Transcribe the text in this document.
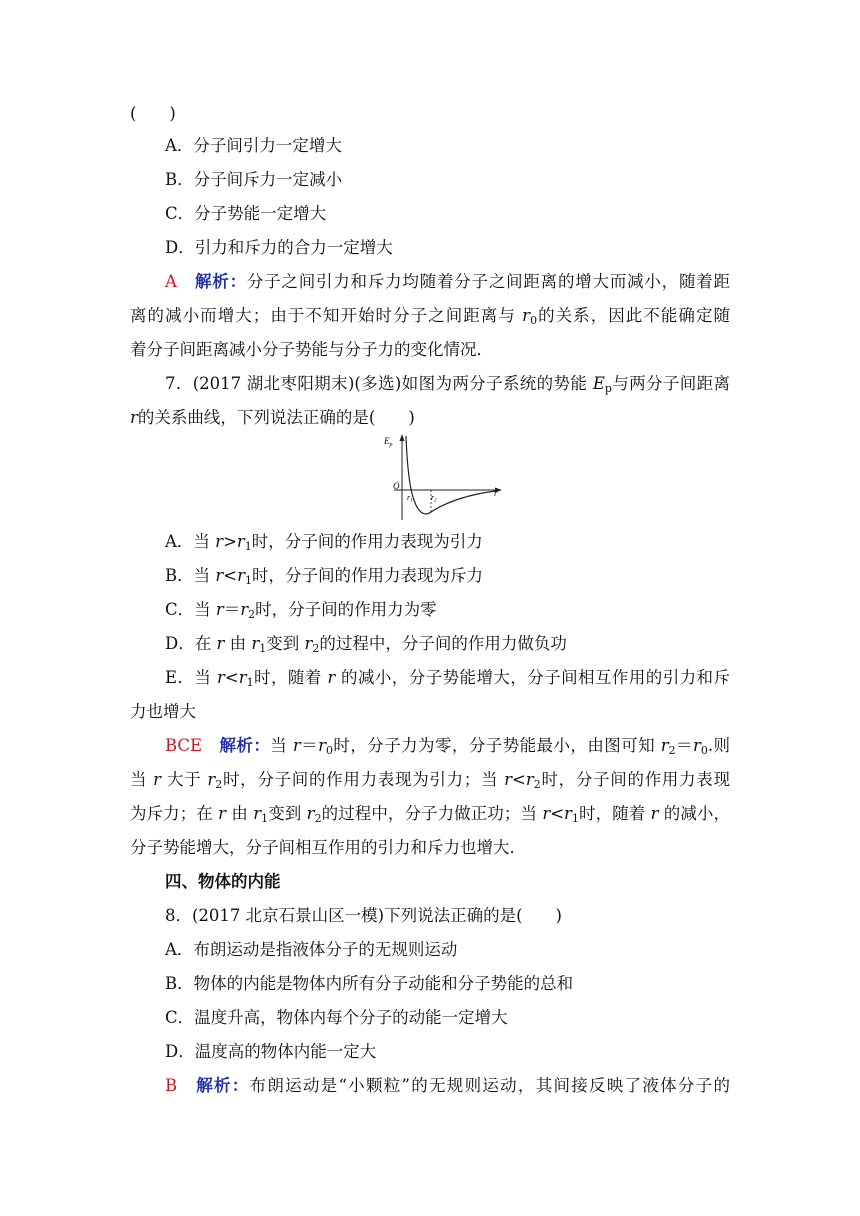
(　　)
A．分子间引力一定增大
B．分子间斥力一定减小
C．分子势能一定增大
D．引力和斥力的合力一定增大
A　 解析：分子之间引力和斥力均随着分子之间距离的增大而减小，随着距
离的减小而增大；由于不知开始时分子之间距离与 $r_0$的关系，因此不能确定随
着分子间距离减小分子势能与分子力的变化情况．
7．(2017 湖北枣阳期末)(多选)如图为两分子系统的势能 $E_p$与两分子间距离
r的关系曲线，下列说法正确的是(　　)
$E_p$
O
r1 r2
r
A．当 $r>r_1$时，分子间的作用力表现为引力
B．当 $r<r_1$时，分子间的作用力表现为斥力
C．当 $r=r_2$时，分子间的作用力为零
D．在 r 由 $r_1$变到 $r_2$的过程中，分子间的作用力做负功
E．当 $r<r_1$时，随着 r 的减小，分子势能增大，分子间相互作用的引力和斥
力也增大
BCE　 解析：当 $r=r_0$时，分子力为零，分子势能最小，由图可知 $r_2=r_0$.则
当 r 大于 $r_2$时，分子间的作用力表现为引力；当 $r<r_2$时，分子间的作用力表现
为斥力；在 r 由 $r_1$变到 $r_2$的过程中，分子力做正功；当 $r<r_1$时，随着 r 的减小，
分子势能增大，分子间相互作用的引力和斥力也增大．
四、物体的内能
8．(2017 北京石景山区一模)下列说法正确的是(　　)
A．布朗运动是指液体分子的无规则运动
B．物体的内能是物体内所有分子动能和分子势能的总和
C．温度升高，物体内每个分子的动能一定增大
D．温度高的物体内能一定大
B　 解析：布朗运动是“小颗粒”的无规则运动，其间接反映了液体分子的
